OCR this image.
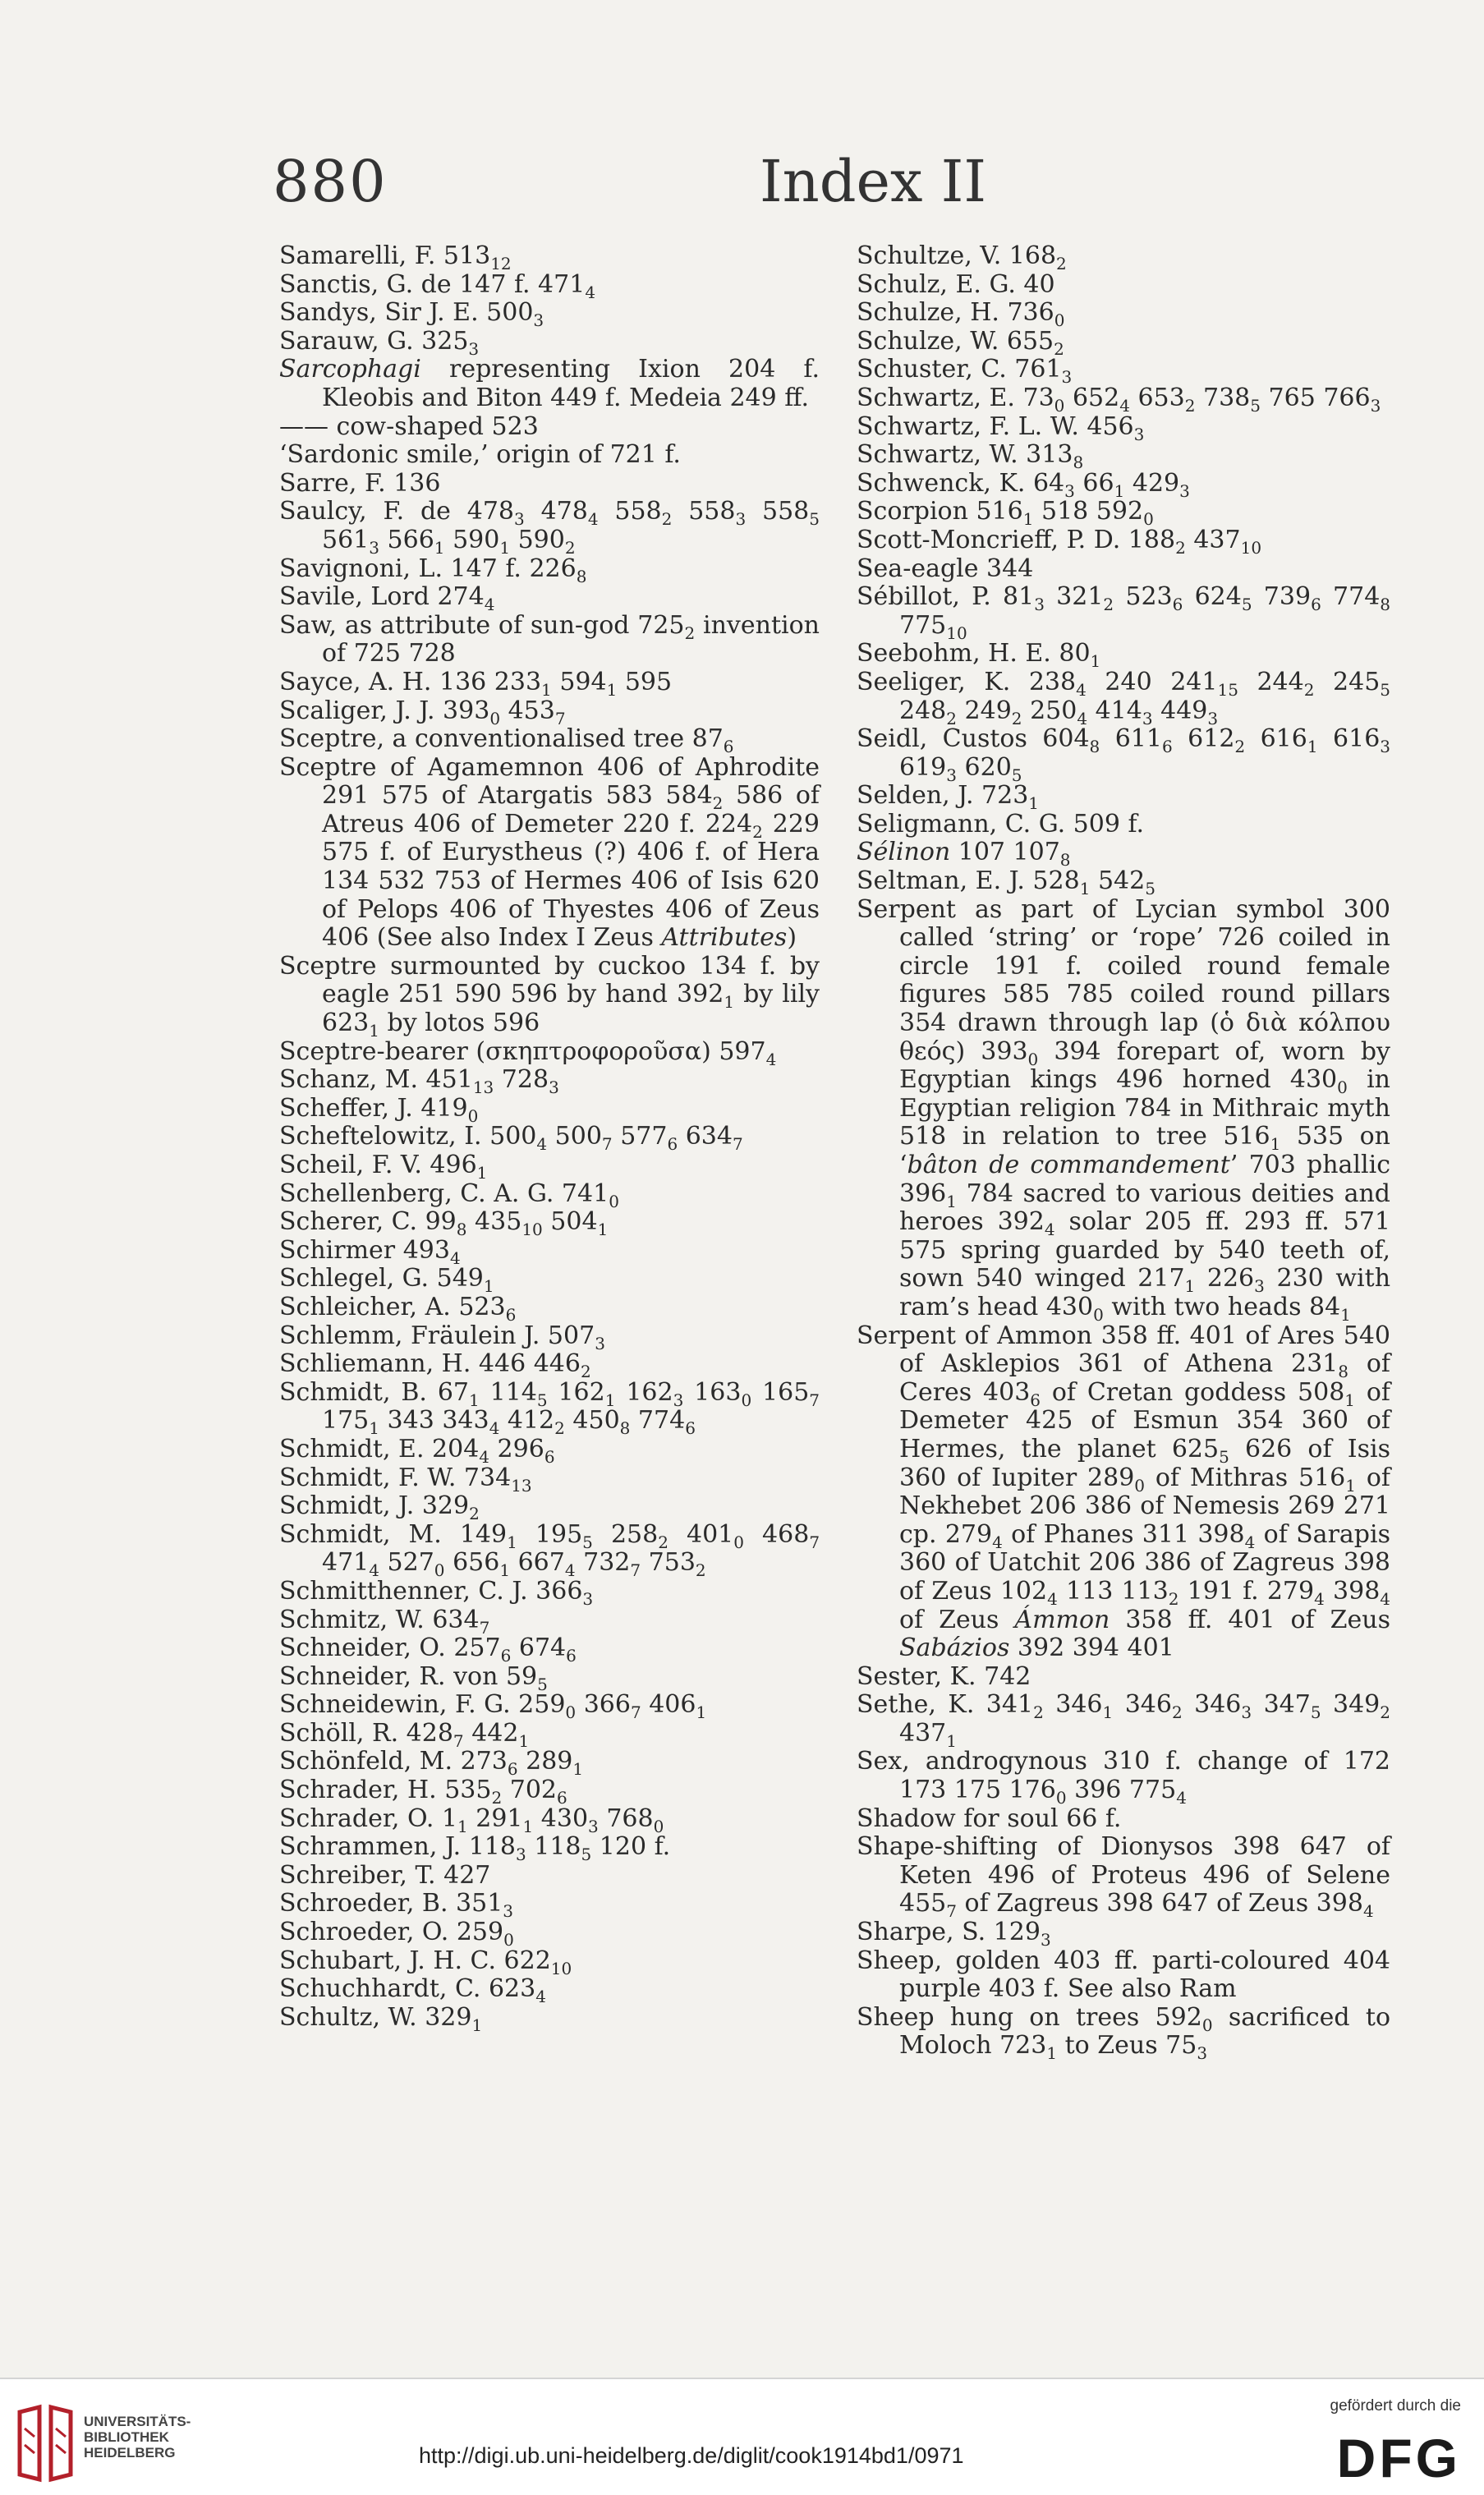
880	Index II

Samarelli, F. $513_{12}$

Sanctis, G. de 147 f. $471_4$

Sandys, Sir J. E. $500_3$

Sarauw, G. $325_3$

Sarcophagi representing Ixion 204 f. Kleobis and Biton 449 f. Medeia 249 ff.

—— cow-shaped 523

‘Sardonic smile,’ origin of 721 f.

Sarre, F. 136

Saulcy, F. de $478_3$ $478_4$ $558_2$ $558_3$ $558_5$ $561_3$ $566_1$ $590_1$ $590_2$

Savignoni, L. 147 f. $226_8$

Savile, Lord $274_4$

Saw, as attribute of sun-god $725_2$ invention of 725 728

Sayce, A. H. 136 $233_1$ $594_1$ 595

Scaliger, J. J. $393_0$ $453_7$

Sceptre, a conventionalised tree $87_6$

Sceptre of Agamemnon 406 of Aphrodite 291 575 of Atargatis 583 $584_2$ 586 of Atreus 406 of Demeter 220 f. $224_2$ 229 575 f. of Eurystheus (?) 406 f. of Hera 134 532 753 of Hermes 406 of Isis 620 of Pelops 406 of Thyestes 406 of Zeus 406 (See also Index I Zeus Attributes)

Sceptre surmounted by cuckoo 134 f. by eagle 251 590 596 by hand $392_1$ by lily $623_1$ by lotos 596

Sceptre-bearer (σκηπτροφοροῦσα) $597_4$

Schanz, M. $451_{13}$ $728_3$

Scheffer, J. $419_0$

Scheftelowitz, I. $500_4$ $500_7$ $577_6$ $634_7$

Scheil, F. V. $496_1$

Schellenberg, C. A. G. $741_0$

Scherer, C. $99_8$ $435_{10}$ $504_1$

Schirmer $493_4$

Schlegel, G. $549_1$

Schleicher, A. $523_6$

Schlemm, Fräulein J. $507_3$

Schliemann, H. 446 $446_2$

Schmidt, B. $67_1$ $114_5$ $162_1$ $162_3$ $163_0$ $165_7$ $175_1$ 343 $343_4$ $412_2$ $450_8$ $774_6$

Schmidt, E. $204_4$ $296_6$

Schmidt, F. W. $734_{13}$

Schmidt, J. $329_2$

Schmidt, M. $149_1$ $195_5$ $258_2$ $401_0$ $468_7$ $471_4$ $527_0$ $656_1$ $667_4$ $732_7$ $753_2$

Schmitthenner, C. J. $366_3$

Schmitz, W. $634_7$

Schneider, O. $257_6$ $674_6$

Schneider, R. von $59_5$

Schneidewin, F. G. $259_0$ $366_7$ $406_1$

Schöll, R. $428_7$ $442_1$

Schönfeld, M. $273_6$ $289_1$

Schrader, H. $535_2$ $702_6$

Schrader, O. $1_1$ $291_1$ $430_3$ $768_0$

Schrammen, J. $118_3$ $118_5$ 120 f.

Schreiber, T. 427

Schroeder, B. $351_3$

Schroeder, O. $259_0$

Schubart, J. H. C. $622_{10}$

Schuchhardt, C. $623_4$

Schultz, W. $329_1$

Schultze, V. $168_2$

Schulz, E. G. 40

Schulze, H. $736_0$

Schulze, W. $655_2$

Schuster, C. $761_3$

Schwartz, E. $73_0$ $652_4$ $653_2$ $738_5$ 765 $766_3$

Schwartz, F. L. W. $456_3$

Schwartz, W. $313_8$

Schwenck, K. $64_3$ $66_1$ $429_3$

Scorpion $516_1$ 518 $592_0$

Scott-Moncrieff, P. D. $188_2$ $437_{10}$

Sea-eagle 344

Sébillot, P. $81_3$ $321_2$ $523_6$ $624_5$ $739_6$ $774_8$ $775_{10}$

Seebohm, H. E. $80_1$

Seeliger, K. $238_4$ 240 $241_{15}$ $244_2$ $245_5$ $248_2$ $249_2$ $250_4$ $414_3$ $449_3$

Seidl, Custos $604_8$ $611_6$ $612_2$ $616_1$ $616_3$ $619_3$ $620_5$

Selden, J. $723_1$

Seligmann, C. G. 509 f.

Sélinon 107 $107_8$

Seltman, E. J. $528_1$ $542_5$

Serpent as part of Lycian symbol 300 called ‘string’ or ‘rope’ 726 coiled in circle 191 f. coiled round female figures 585 785 coiled round pillars 354 drawn through lap (ὁ διὰ κόλπου θεός) $393_0$ 394 forepart of, worn by Egyptian kings 496 horned $430_0$ in Egyptian religion 784 in Mithraic myth 518 in relation to tree $516_1$ 535 on ‘bâton de commandement’ 703 phallic $396_1$ 784 sacred to various deities and heroes $392_4$ solar 205 ff. 293 ff. 571 575 spring guarded by 540 teeth of, sown 540 winged $217_1$ $226_3$ 230 with ram’s head $430_0$ with two heads $84_1$

Serpent of Ammon 358 ff. 401 of Ares 540 of Asklepios 361 of Athena $231_8$ of Ceres $403_6$ of Cretan goddess $508_1$ of Demeter 425 of Esmun 354 360 of Hermes, the planet $625_5$ 626 of Isis 360 of Iupiter $289_0$ of Mithras $516_1$ of Nekhebet 206 386 of Nemesis 269 271 cp. $279_4$ of Phanes 311 $398_4$ of Sarapis 360 of Uatchit 206 386 of Zagreus 398 of Zeus $102_4$ 113 $113_2$ 191 f. $279_4$ $398_4$ of Zeus Ámmon 358 ff. 401 of Zeus Sabázios 392 394 401

Sester, K. 742

Sethe, K. $341_2$ $346_1$ $346_2$ $346_3$ $347_5$ $349_2$ $437_1$

Sex, androgynous 310 f. change of 172 173 175 $176_0$ 396 $775_4$

Shadow for soul 66 f.

Shape-shifting of Dionysos 398 647 of Keten 496 of Proteus 496 of Selene $455_7$ of Zagreus 398 647 of Zeus $398_4$

Sharpe, S. $129_3$

Sheep, golden 403 ff. parti-coloured 404 purple 403 f. See also Ram

Sheep hung on trees $592_0$ sacrificed to Moloch $723_1$ to Zeus $75_3$

UNIVERSITÄTS-
BIBLIOTHEK
HEIDELBERG	http://digi.ub.uni-heidelberg.de/diglit/cook1914bd1/0971
gefördert durch die
DFG
